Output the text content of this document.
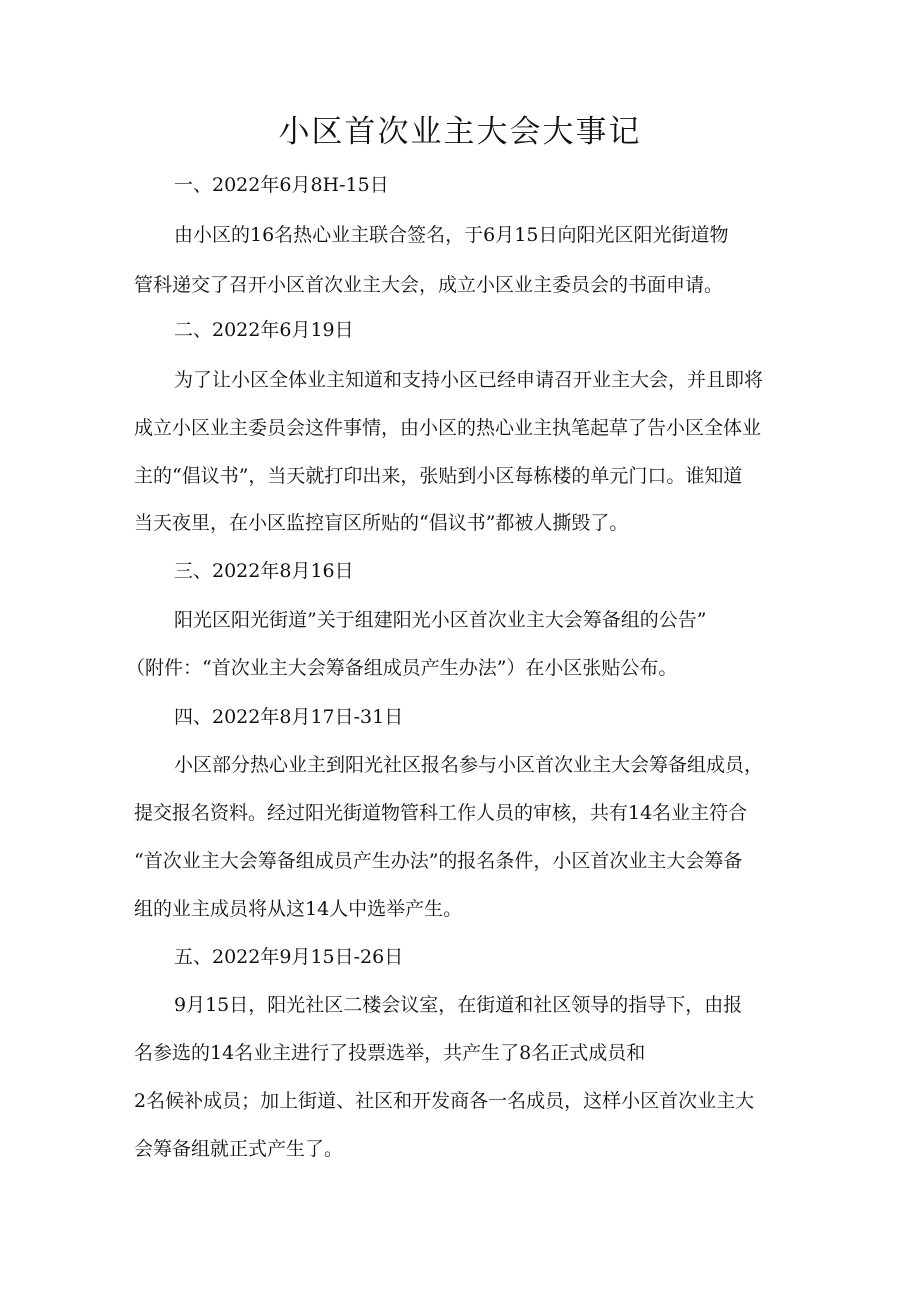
小区首次业主大会大事记

一、2022年6月8H-15日

由小区的16名热心业主联合签名，于6月15日向阳光区阳光街道物

管科递交了召开小区首次业主大会，成立小区业主委员会的书面申请。

二、2022年6月19日

为了让小区全体业主知道和支持小区已经申请召开业主大会，并且即将

成立小区业主委员会这件事情，由小区的热心业主执笔起草了告小区全体业

主的“倡议书”，当天就打印出来，张贴到小区每栋楼的单元门口。谁知道

当天夜里，在小区监控盲区所贴的“倡议书”都被人撕毁了。

三、2022年8月16日

阳光区阳光街道”关于组建阳光小区首次业主大会筹备组的公告”

（附件：“首次业主大会筹备组成员产生办法”）在小区张贴公布。

四、2022年8月17日-31日

小区部分热心业主到阳光社区报名参与小区首次业主大会筹备组成员，

提交报名资料。经过阳光街道物管科工作人员的审核，共有14名业主符合

“首次业主大会筹备组成员产生办法”的报名条件，小区首次业主大会筹备

组的业主成员将从这14人中选举产生。

五、2022年9月15日-26日

9月15日，阳光社区二楼会议室，在街道和社区领导的指导下，由报

名参选的14名业主进行了投票选举，共产生了8名正式成员和

2名候补成员；加上街道、社区和开发商各一名成员，这样小区首次业主大

会筹备组就正式产生了。
